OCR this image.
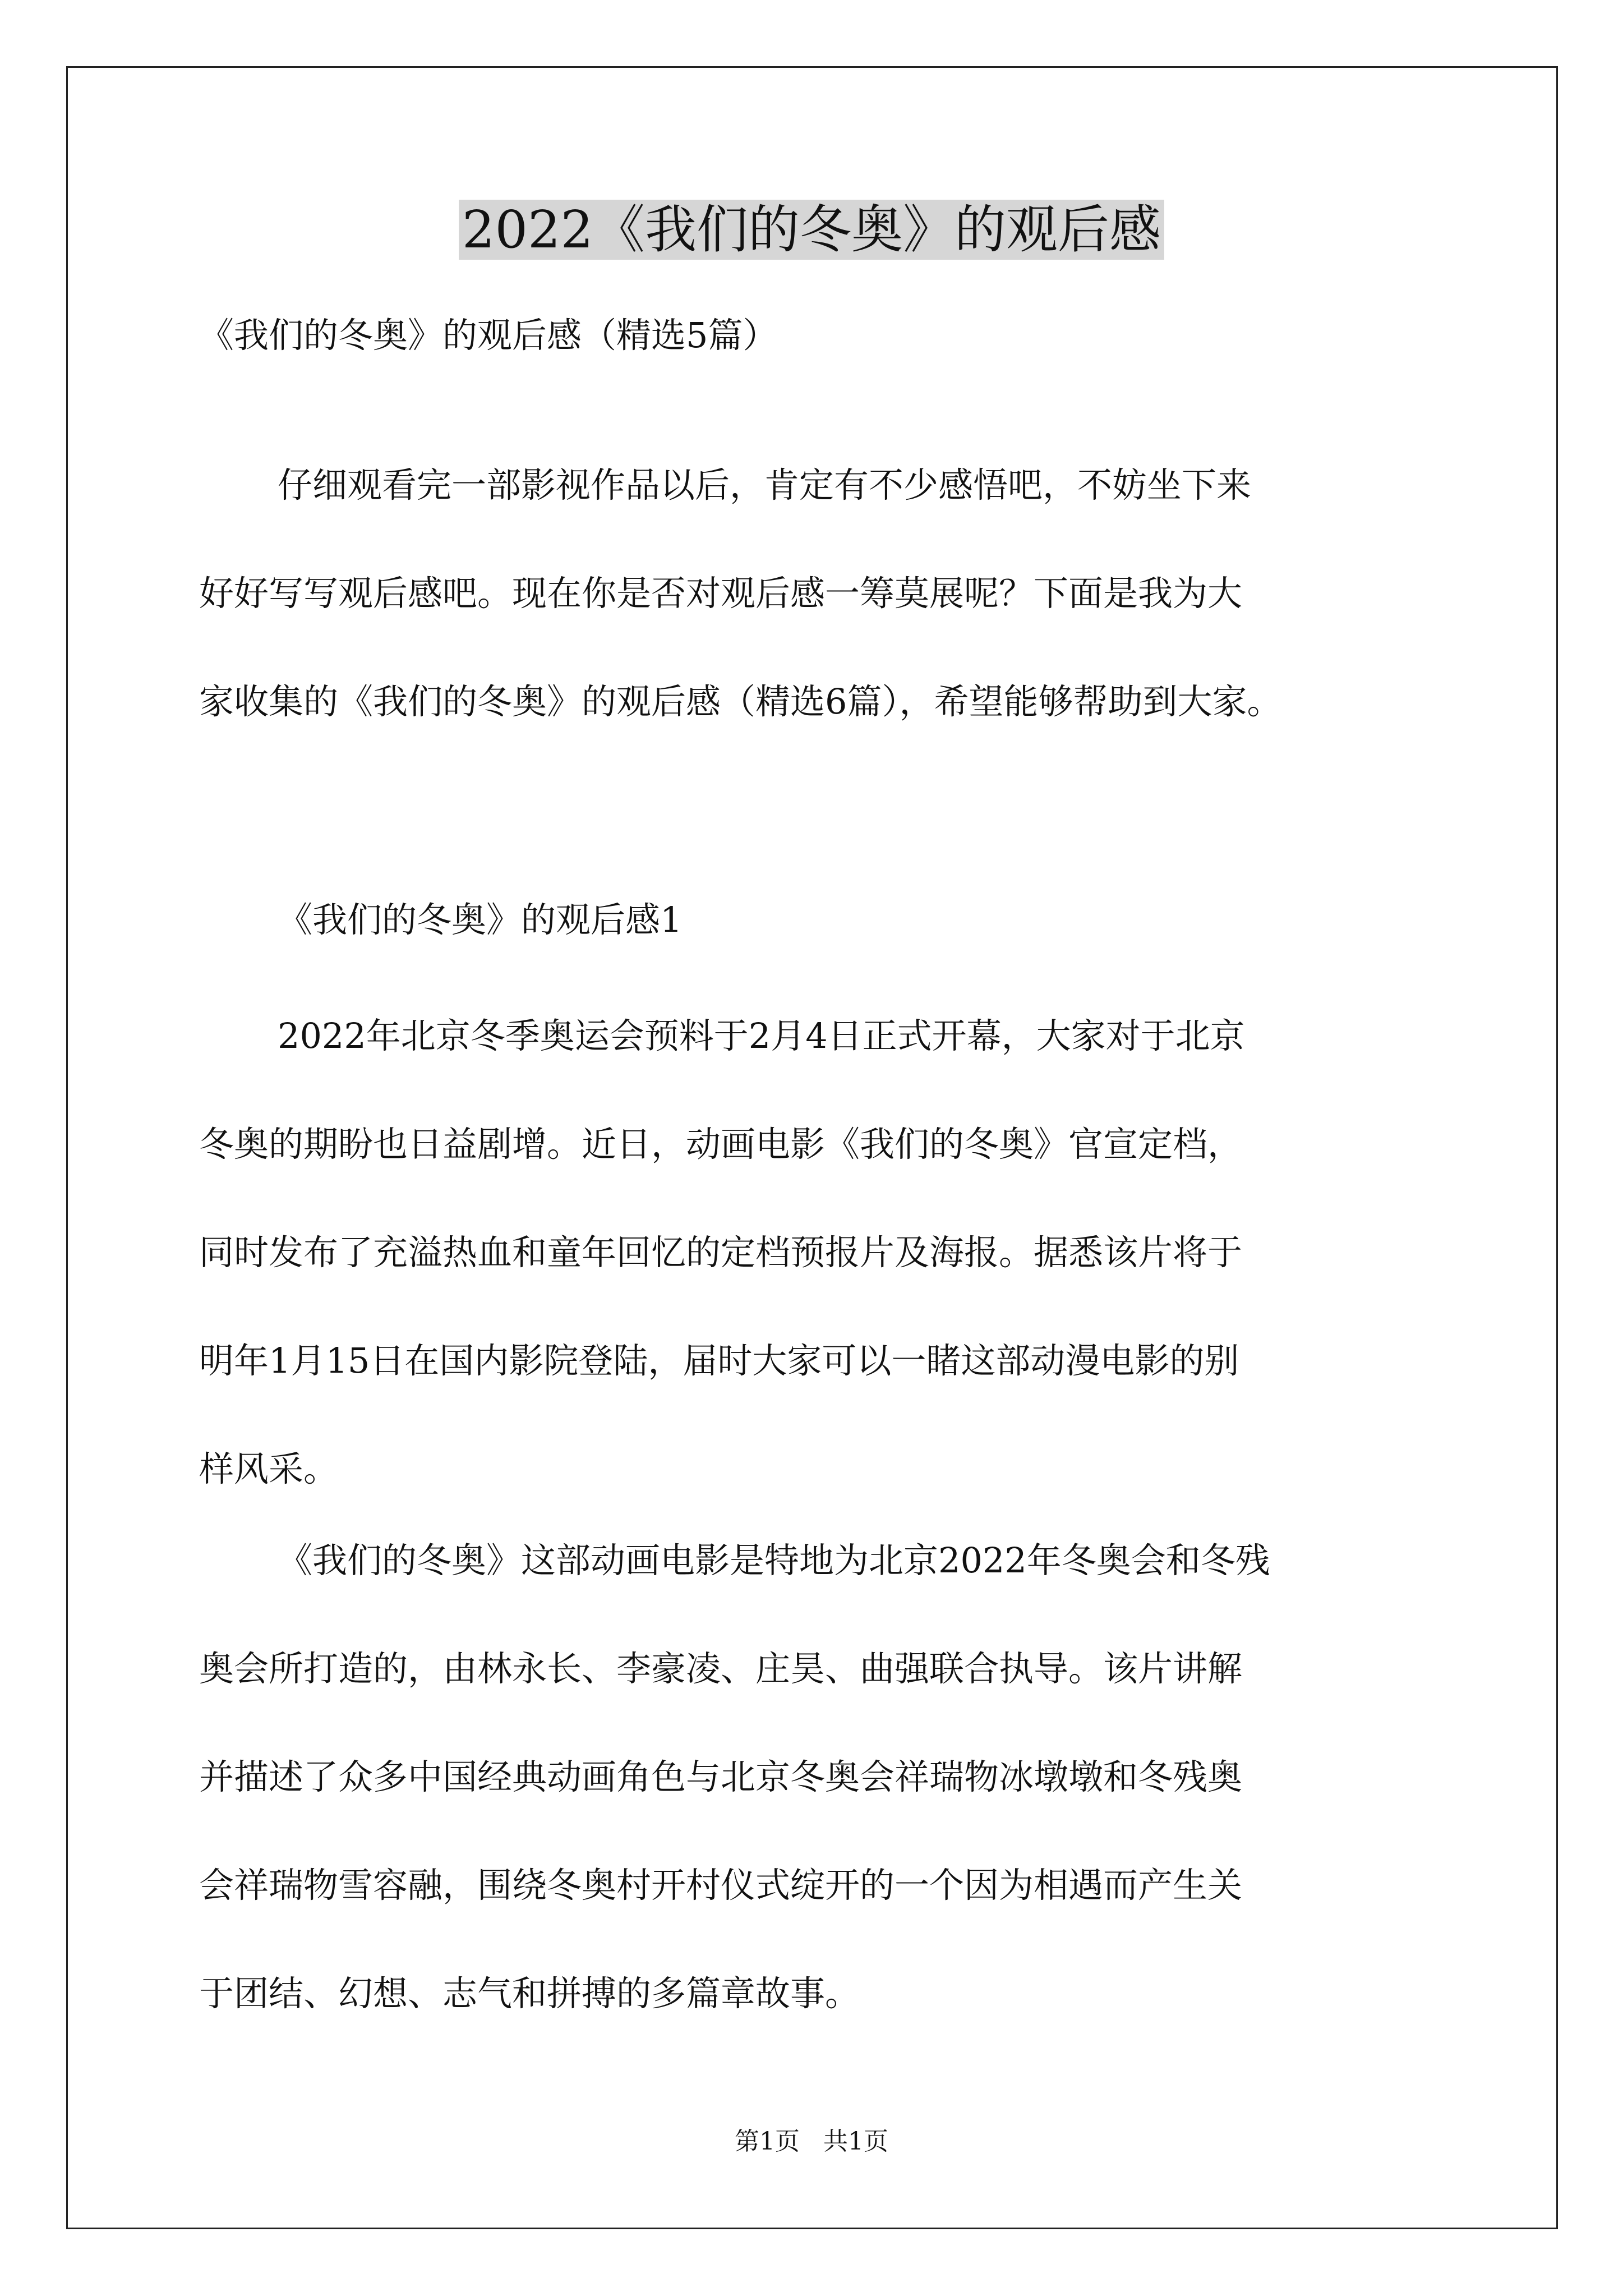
2022《我们的冬奥》的观后感
《我们的冬奥》的观后感（精选5篇）
仔细观看完一部影视作品以后，肯定有不少感悟吧，不妨坐下来
好好写写观后感吧。现在你是否对观后感一筹莫展呢？下面是我为大
家收集的《我们的冬奥》的观后感（精选6篇），希望能够帮助到大家。
《我们的冬奥》的观后感1
2022年北京冬季奥运会预料于2月4日正式开幕，大家对于北京
冬奥的期盼也日益剧增。近日，动画电影《我们的冬奥》官宣定档，
同时发布了充溢热血和童年回忆的定档预报片及海报。据悉该片将于
明年1月15日在国内影院登陆，届时大家可以一睹这部动漫电影的别
样风采。
《我们的冬奥》这部动画电影是特地为北京2022年冬奥会和冬残
奥会所打造的，由林永长、李豪凌、庄昊、曲强联合执导。该片讲解
并描述了众多中国经典动画角色与北京冬奥会祥瑞物冰墩墩和冬残奥
会祥瑞物雪容融，围绕冬奥村开村仪式绽开的一个因为相遇而产生关
于团结、幻想、志气和拼搏的多篇章故事。
第1页   共1页
